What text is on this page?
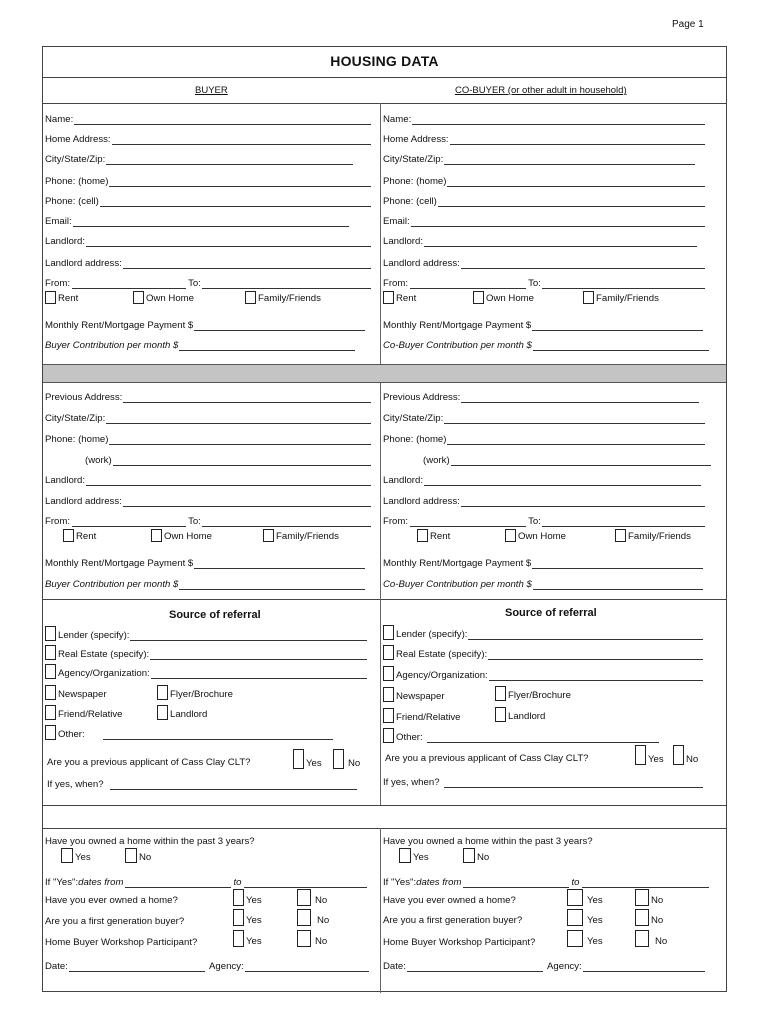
Page 1
HOUSING DATA
BUYER	CO-BUYER (or other adult in household)
Name:
Home Address:
City/State/Zip:
Phone: (home)
Phone: (cell)
Email:
Landlord:
Landlord address:
From:	To:
Rent	Own Home	Family/Friends
Monthly Rent/Mortgage Payment $
Buyer Contribution per month $
Name:
Home Address:
City/State/Zip:
Phone: (home)
Phone: (cell)
Email:
Landlord:
Landlord address:
From:	To:
Rent	Own Home	Family/Friends
Monthly Rent/Mortgage Payment $
Co-Buyer Contribution per month $
Previous Address:
City/State/Zip:
Phone: (home)
(work)
Landlord:
Landlord address:
From:	To:
Rent	Own Home	Family/Friends
Monthly Rent/Mortgage Payment $
Buyer Contribution per month $
Previous Address:
City/State/Zip:
Phone: (home)
(work)
Landlord:
Landlord address:
From:	To:
Rent	Own Home	Family/Friends
Monthly Rent/Mortgage Payment $
Co-Buyer Contribution per month $
Source of referral
Lender (specify):
Real Estate (specify):
Agency/Organization:
Newspaper	Flyer/Brochure
Friend/Relative	Landlord
Other:
Are you a previous applicant of Cass Clay CLT?	Yes	No
If yes, when?
Source of referral
Lender (specify):
Real Estate (specify):
Agency/Organization:
Newspaper	Flyer/Brochure
Friend/Relative	Landlord
Other:
Are you a previous applicant of Cass Clay CLT?	Yes No
If yes, when?
Have you owned a home within the past 3 years?
Yes	No
If "Yes": dates from	to
Have you ever owned a home?	Yes	No
Are you a first generation buyer?	Yes	No
Home Buyer Workshop Participant?	Yes	No
Date:	Agency:
Have you owned a home within the past 3 years?
Yes	No
If "Yes": dates from	to
Have you ever owned a home?	Yes	No
Are you a first generation buyer?	Yes	No
Home Buyer Workshop Participant?	Yes	No
Date:	Agency:
